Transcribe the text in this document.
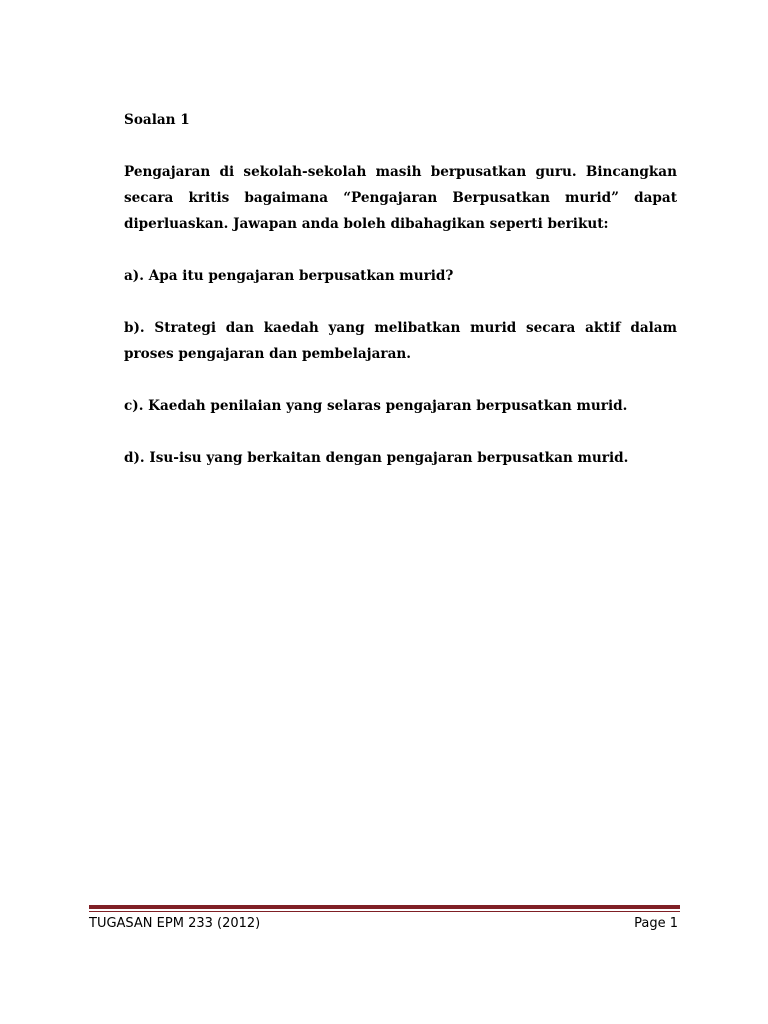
Soalan 1
Pengajaran di sekolah-sekolah masih berpusatkan guru. Bincangkan secara kritis bagaimana “Pengajaran Berpusatkan murid” dapat diperluaskan. Jawapan anda boleh dibahagikan seperti berikut:
a). Apa itu pengajaran berpusatkan murid?
b). Strategi dan kaedah yang melibatkan murid secara aktif dalam proses pengajaran dan pembelajaran.
c). Kaedah penilaian yang selaras pengajaran berpusatkan murid.
d). Isu-isu yang berkaitan dengan pengajaran berpusatkan murid.
TUGASAN EPM 233 (2012)	Page 1
